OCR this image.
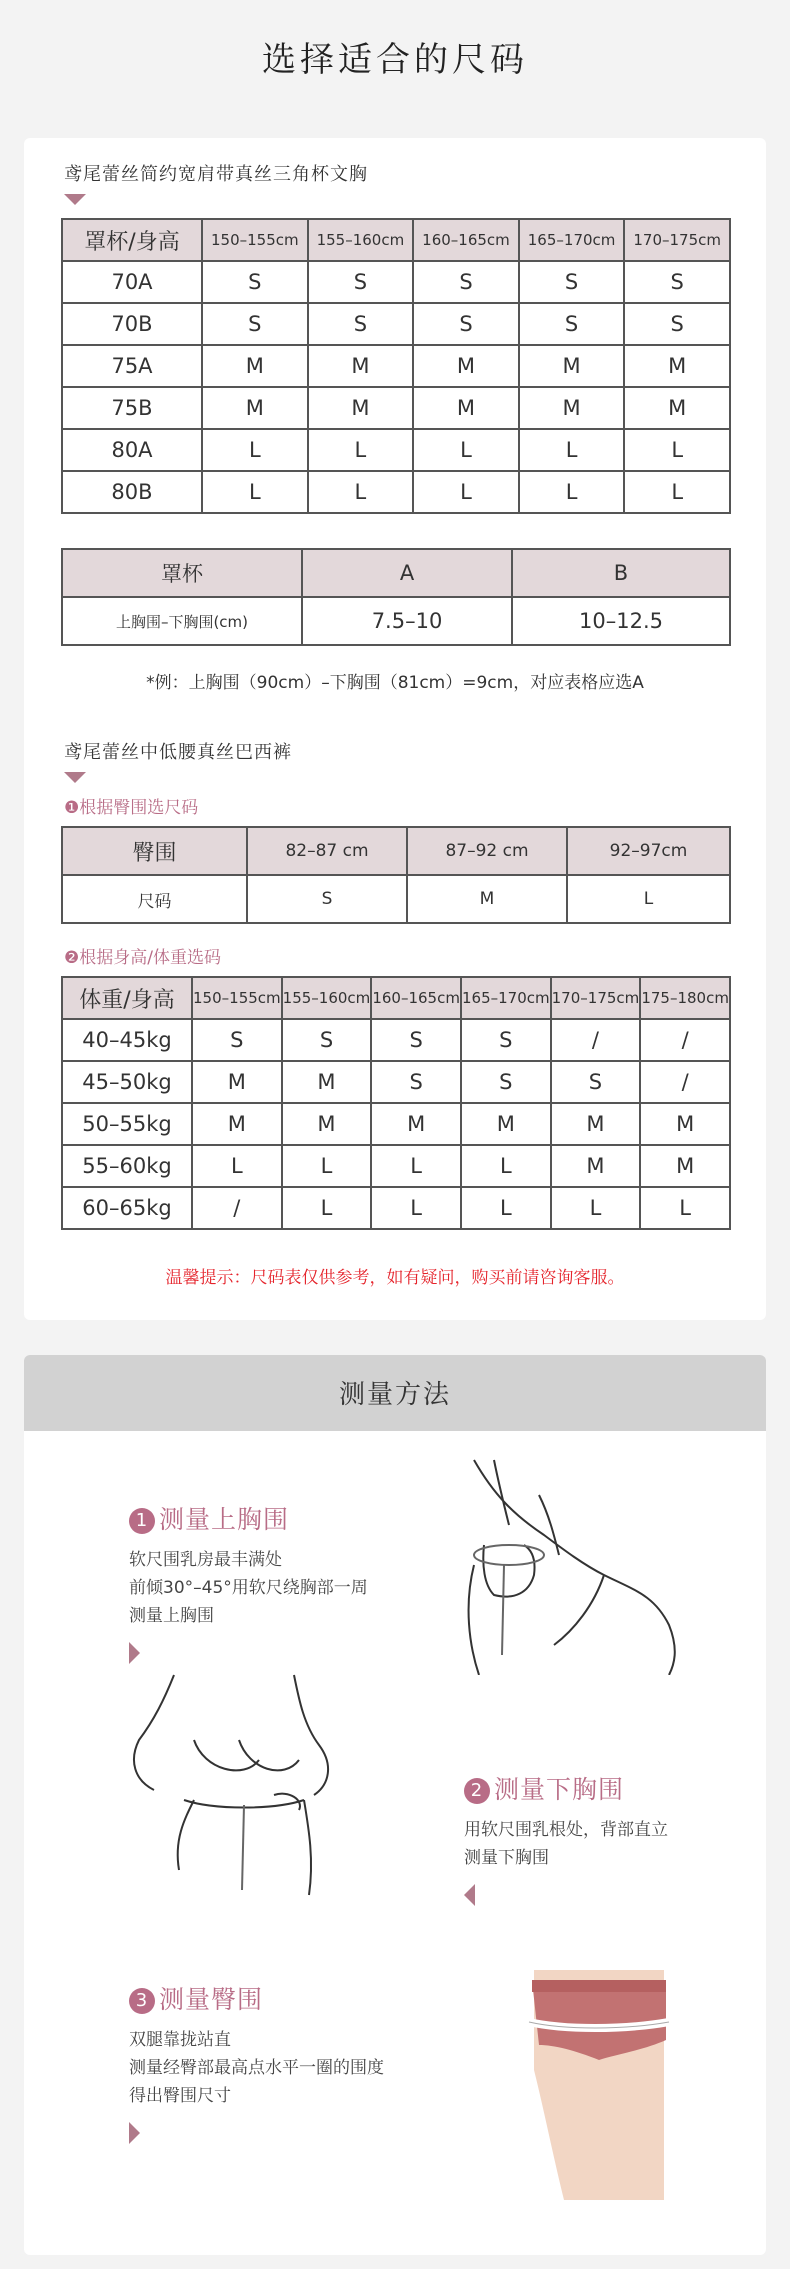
选择适合的尺码
鸢尾蕾丝简约宽肩带真丝三角杯文胸
罩杯/身高	150–155cm	155–160cm	160–165cm	165–170cm	170–175cm
70A	S	S	S	S	S
70B	S	S	S	S	S
75A	M	M	M	M	M
75B	M	M	M	M	M
80A	L	L	L	L	L
80B	L	L	L	L	L
罩杯	A	B
上胸围–下胸围(cm)	7.5–10	10–12.5
*例：上胸围（90cm）–下胸围（81cm）=9cm，对应表格应选A
鸢尾蕾丝中低腰真丝巴西裤
❶根据臀围选尺码
臀围	82–87 cm	87–92 cm	92–97cm
尺码	S	M	L
❷根据身高/体重选码
体重/身高	150–155cm	155–160cm	160–165cm	165–170cm	170–175cm	175–180cm
40–45kg	S	S	S	S	/	/
45–50kg	M	M	S	S	S	/
50–55kg	M	M	M	M	M	M
55–60kg	L	L	L	L	M	M
60–65kg	/	L	L	L	L	L
温馨提示：尺码表仅供参考，如有疑问，购买前请咨询客服。
测量方法
1 测量上胸围
软尺围乳房最丰满处
前倾30°–45°用软尺绕胸部一周
测量上胸围
2 测量下胸围
用软尺围乳根处，背部直立
测量下胸围
3 测量臀围
双腿靠拢站直
测量经臀部最高点水平一圈的围度
得出臀围尺寸
